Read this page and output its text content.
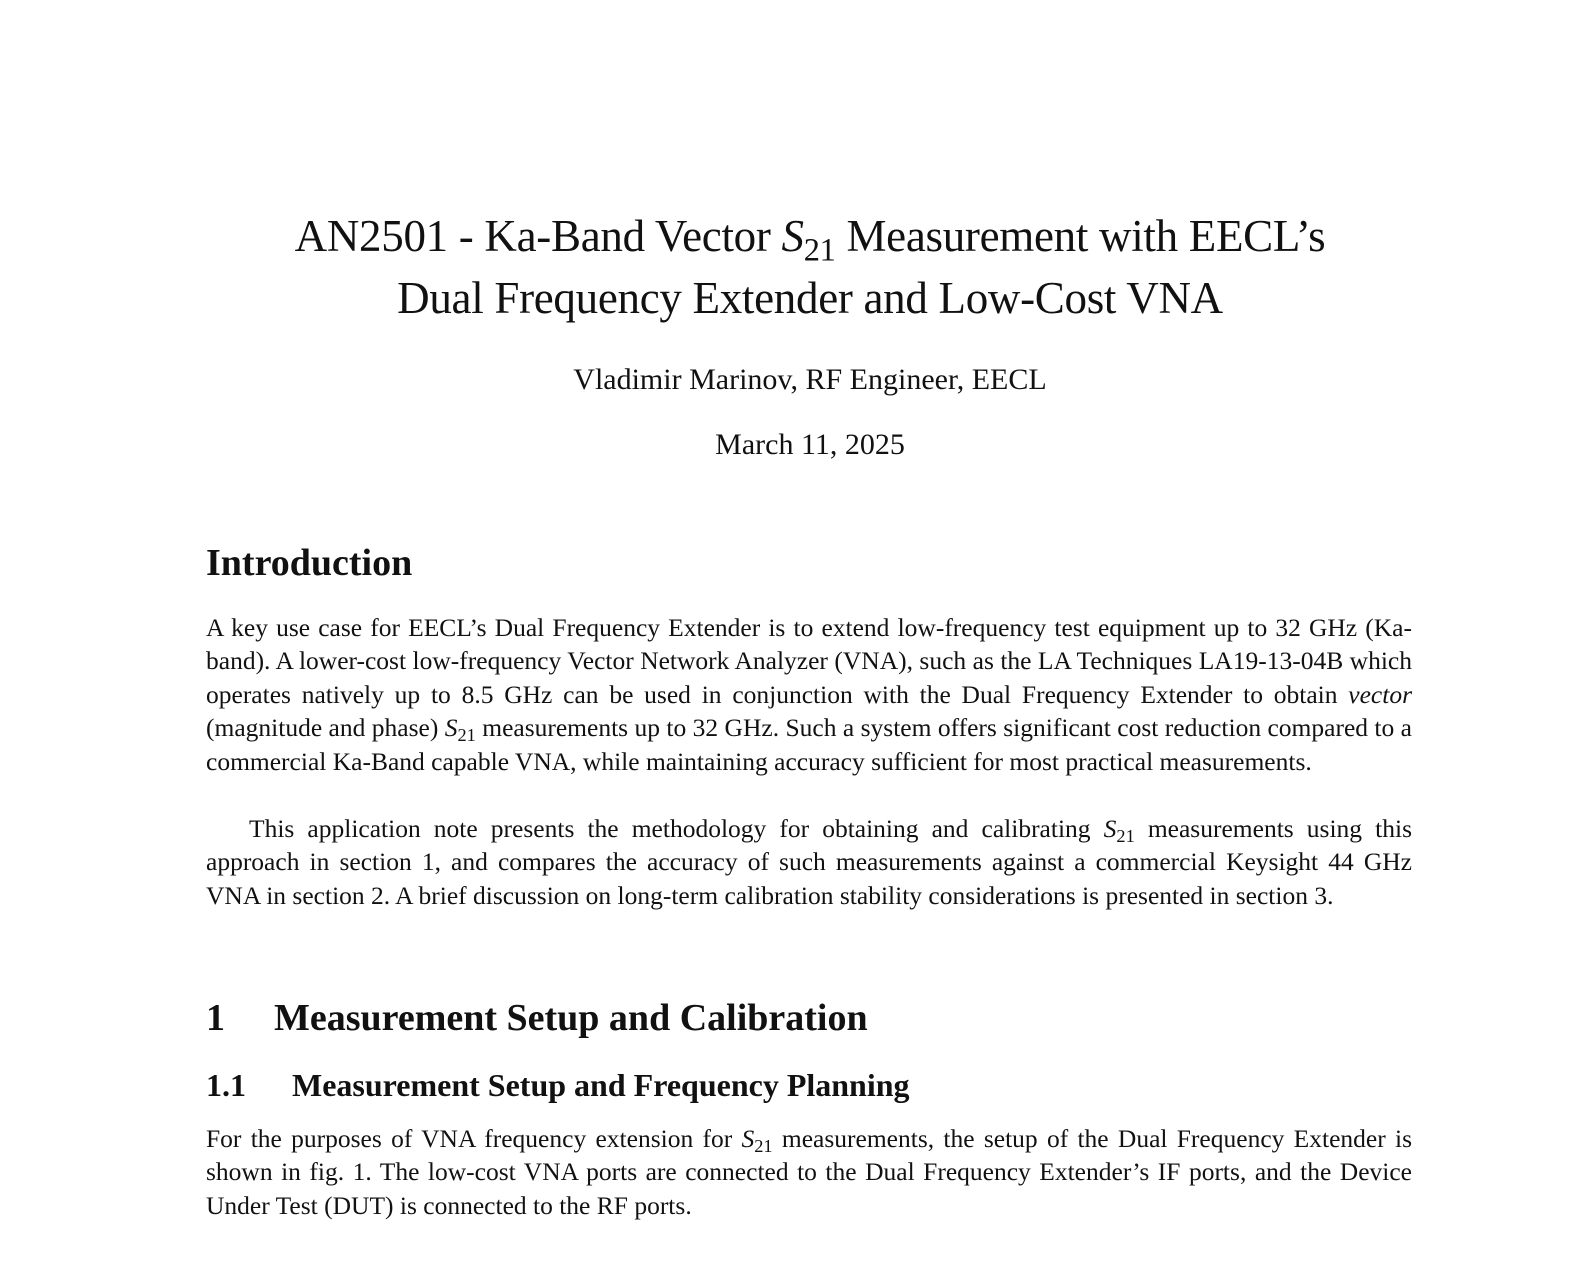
AN2501 - Ka-Band Vector $S_{21}$ Measurement with EECL’s
Dual Frequency Extender and Low-Cost VNA
Vladimir Marinov, RF Engineer, EECL
March 11, 2025
Introduction

A key use case for EECL’s Dual Frequency Extender is to extend low-frequency test equipment up to 32 GHz (Ka-band). A lower-cost low-frequency Vector Network Analyzer (VNA), such as the LA Techniques LA19-13-04B which operates natively up to 8.5 GHz can be used in conjunction with the Dual Frequency Extender to obtain vector (magnitude and phase) $S_{21}$ measurements up to 32 GHz. Such a system offers significant cost reduction compared to a commercial Ka-Band capable VNA, while maintaining accuracy sufficient for most practical measurements.

This application note presents the methodology for obtaining and calibrating $S_{21}$ measurements using this approach in section 1, and compares the accuracy of such measurements against a commercial Keysight 44 GHz VNA in section 2. A brief discussion on long-term calibration stability considerations is presented in section 3.

1 Measurement Setup and Calibration
1.1 Measurement Setup and Frequency Planning

For the purposes of VNA frequency extension for $S_{21}$ measurements, the setup of the Dual Frequency Extender is shown in fig. 1. The low-cost VNA ports are connected to the Dual Frequency Extender’s IF ports, and the Device Under Test (DUT) is connected to the RF ports.
